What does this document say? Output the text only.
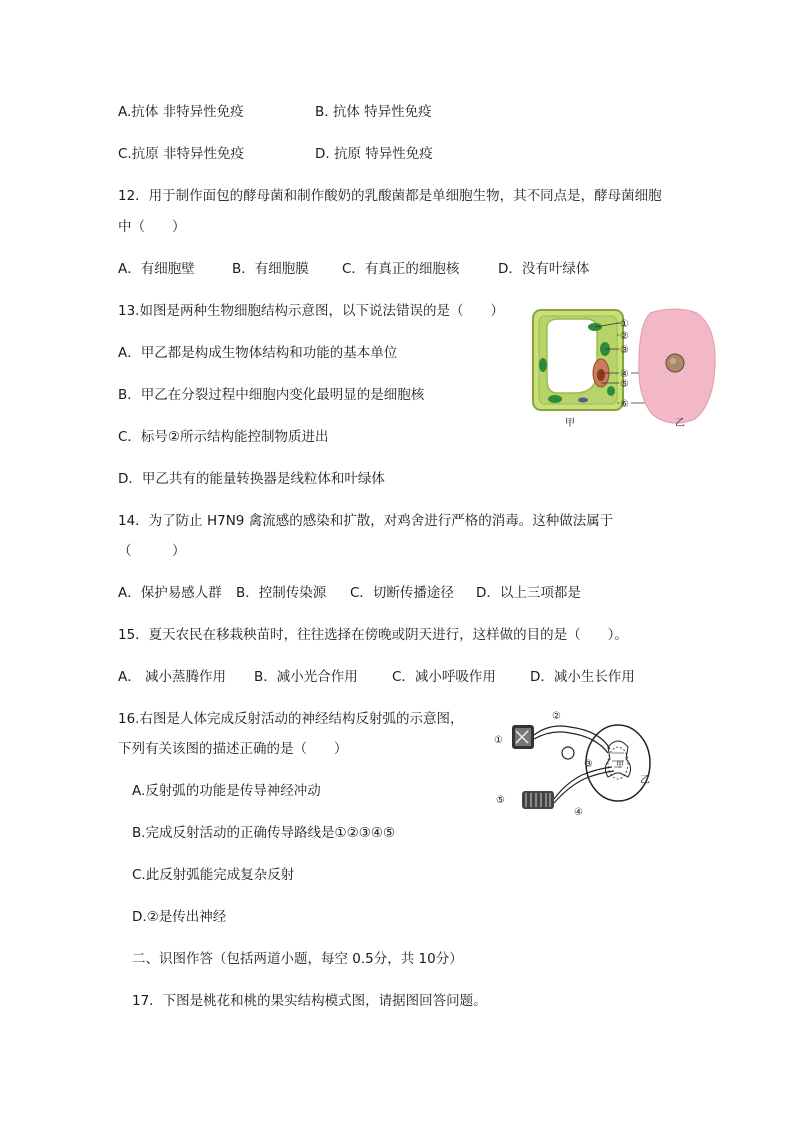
A.抗体 非特异性免疫	B. 抗体 特异性免疫
C.抗原 非特异性免疫	D. 抗原 特异性免疫
12．用于制作面包的酵母菌和制作酸奶的乳酸菌都是单细胞生物，其不同点是，酵母菌细胞
中（　　）
A．有细胞壁	B．有细胞膜 C．有真正的细胞核	D．没有叶绿体
13.如图是两种生物细胞结构示意图，以下说法错误的是（　　）
A．甲乙都是构成生物体结构和功能的基本单位
B．甲乙在分裂过程中细胞内变化最明显的是细胞核
C．标号②所示结构能控制物质进出
D．甲乙共有的能量转换器是线粒体和叶绿体
①
②
③
④
⑤
⑥
甲	乙
14．为了防止 H7N9 禽流感的感染和扩散，对鸡舍进行严格的消毒。这种做法属于
（　　　）
A．保护易感人群 B．控制传染源 C．切断传播途径 D．以上三项都是
15．夏天农民在移栽秧苗时，往往选择在傍晚或阴天进行，这样做的目的是（　　）。
A． 减小蒸腾作用 B．减小光合作用	C．减小呼吸作用	D．减小生长作用
16.右图是人体完成反射活动的神经结构反射弧的示意图，
下列有关该图的描述正确的是（　　）
A.反射弧的功能是传导神经冲动
B.完成反射活动的正确传导路线是①②③④⑤
C.此反射弧能完成复杂反射
D.②是传出神经
①
②
③
④
⑤
甲
乙
二、识图作答（包括两道小题，每空 0.5分，共 10分）
17．下图是桃花和桃的果实结构模式图，请据图回答问题。
